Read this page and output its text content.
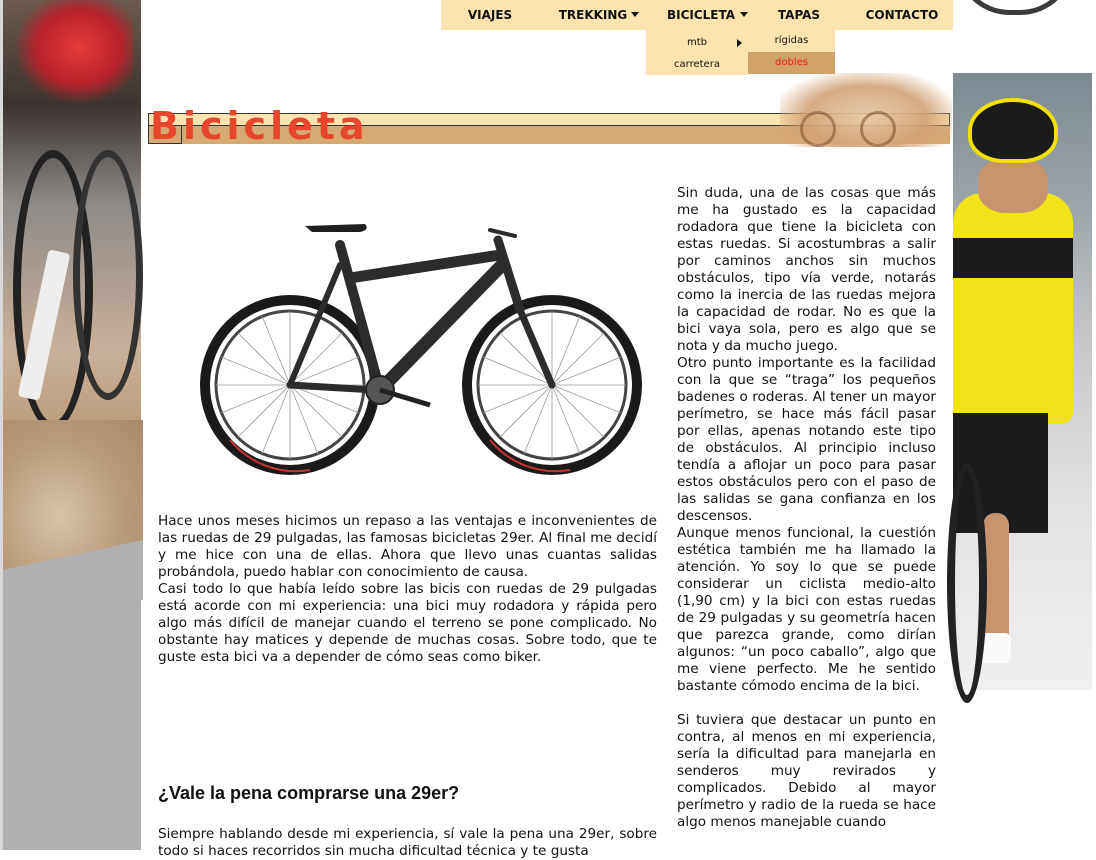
VIAJES	TREKKING	BICICLETA	TAPAS	CONTACTO
mtb
carretera
rígidas
dobles
Bicicleta

Hace unos meses hicimos un repaso a las ventajas e inconvenientes de las ruedas de 29 pulgadas, las famosas bicicletas 29er. Al final me decidí y me hice con una de ellas. Ahora que llevo unas cuantas salidas probándola, puedo hablar con conocimiento de causa.

Casi todo lo que había leído sobre las bicis con ruedas de 29 pulgadas está acorde con mi experiencia: una bici muy rodadora y rápida pero algo más difícil de manejar cuando el terreno se pone complicado. No obstante hay matices y depende de muchas cosas. Sobre todo, que te guste esta bici va a depender de cómo seas como biker.

Sin duda, una de las cosas que más me ha gustado es la capacidad rodadora que tiene la bicicleta con estas ruedas. Si acostumbras a salir por caminos anchos sin muchos obstáculos, tipo vía verde, notarás como la inercia de las ruedas mejora la capacidad de rodar. No es que la bici vaya sola, pero es algo que se nota y da mucho juego.

Otro punto importante es la facilidad con la que se “traga” los pequeños badenes o roderas. Al tener un mayor perímetro, se hace más fácil pasar por ellas, apenas notando este tipo de obstáculos. Al principio incluso tendía a aflojar un poco para pasar estos obstáculos pero con el paso de las salidas se gana confianza en los descensos.

Aunque menos funcional, la cuestión estética también me ha llamado la atención. Yo soy lo que se puede considerar un ciclista medio-alto (1,90 cm) y la bici con estas ruedas de 29 pulgadas y su geometría hacen que parezca grande, como dirían algunos: “un poco caballo”, algo que me viene perfecto. Me he sentido bastante cómodo encima de la bici.

Si tuviera que destacar un punto en contra, al menos en mi experiencia, sería la dificultad para manejarla en senderos muy revirados y complicados. Debido al mayor perímetro y radio de la rueda se hace algo menos manejable cuando

¿Vale la pena comprarse una 29er?

Siempre hablando desde mi experiencia, sí vale la pena una 29er, sobre todo si haces recorridos sin mucha dificultad técnica y te gusta
